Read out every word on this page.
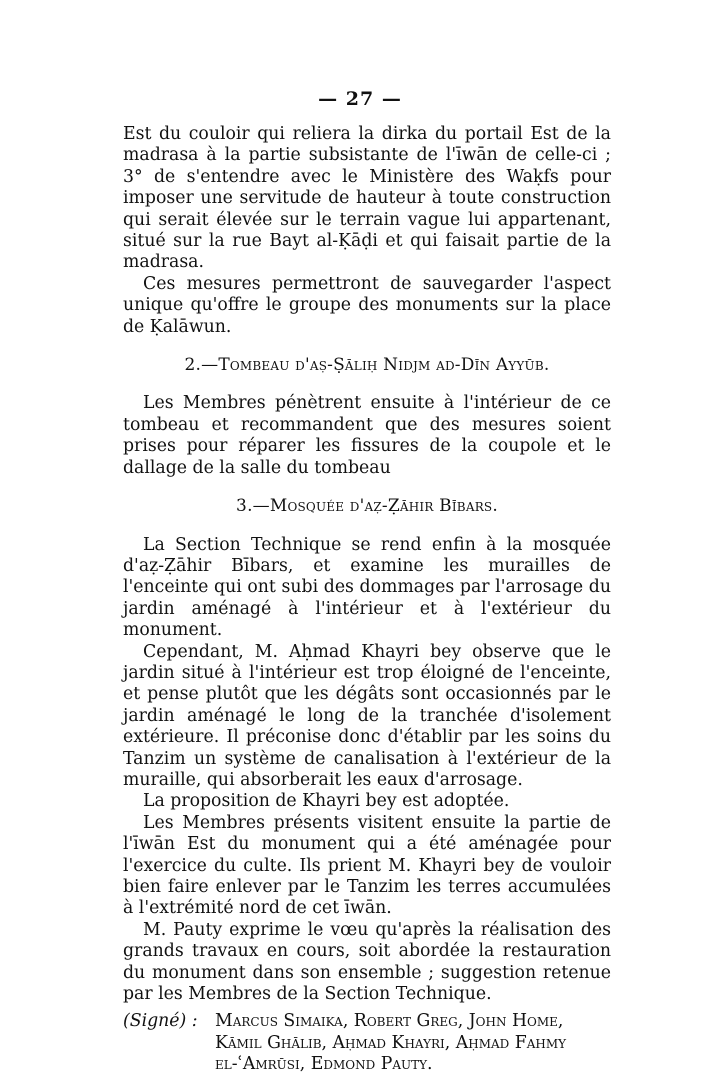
— 27 —

Est du couloir qui reliera la dirka du portail Est de la madrasa à la partie subsistante de l'īwān de celle-ci ; 3° de s'entendre avec le Ministère des Waḳfs pour imposer une servitude de hauteur à toute construction qui serait élevée sur le terrain vague lui appartenant, situé sur la rue Bayt al-Ḳāḍi et qui faisait partie de la madrasa.

Ces mesures permettront de sauvegarder l'aspect unique qu'offre le groupe des monuments sur la place de Ḳalāwun.

2.—Tombeau d'aṣ-Ṣāliḥ Nidjm ad-Dīn Ayyūb.

Les Membres pénètrent ensuite à l'intérieur de ce tombeau et recommandent que des mesures soient prises pour réparer les fissures de la coupole et le dallage de la salle du tombeau

3.—Mosquée d'aẓ-Ẓāhir Bībars.

La Section Technique se rend enfin à la mosquée d'aẓ-Ẓāhir Bībars, et examine les murailles de l'enceinte qui ont subi des dommages par l'arrosage du jardin aménagé à l'intérieur et à l'extérieur du monument.

Cependant, M. Aḥmad Khayri bey observe que le jardin situé à l'intérieur est trop éloigné de l'enceinte, et pense plutôt que les dégâts sont occasionnés par le jardin aménagé le long de la tranchée d'isolement extérieure. Il préconise donc d'établir par les soins du Tanzim un système de canalisation à l'extérieur de la muraille, qui absorberait les eaux d'arrosage.

La proposition de Khayri bey est adoptée.

Les Membres présents visitent ensuite la partie de l'īwān Est du monument qui a été aménagée pour l'exercice du culte. Ils prient M. Khayri bey de vouloir bien faire enlever par le Tanzim les terres accumulées à l'extrémité nord de cet īwān.

M. Pauty exprime le vœu qu'après la réalisation des grands travaux en cours, soit abordée la restauration du monument dans son ensemble ; suggestion retenue par les Membres de la Section Technique.

(Signé) :	Marcus Simaika, Robert Greg, John Home,
Kāmil Ghālib, Aḥmad Khayri, Aḥmad Fahmy
el-ʿAmrūsi, Edmond Pauty.
